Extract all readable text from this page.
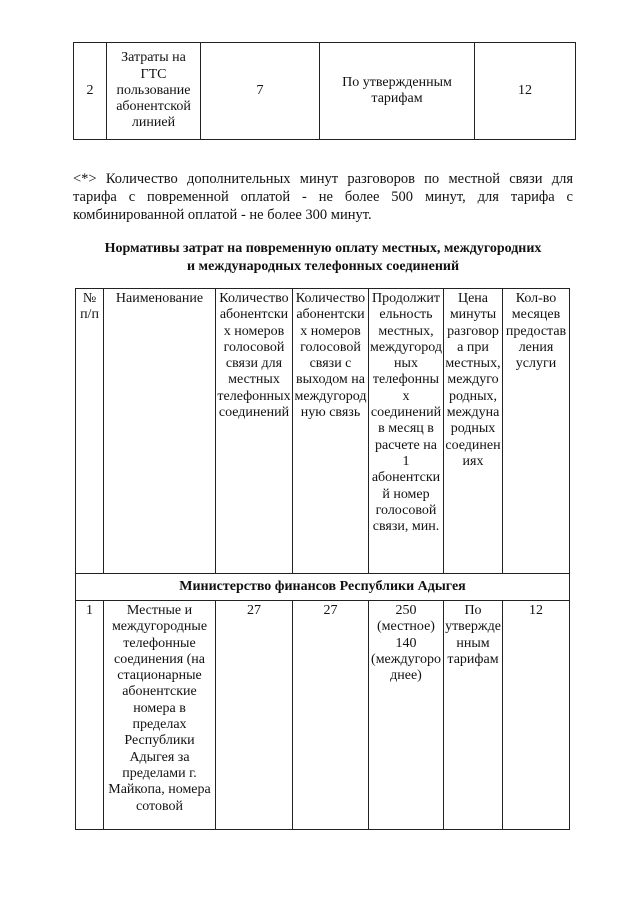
2	Затраты на ГТС пользование абонентской линией	7	По утвержденным тарифам	12
<*> Количество дополнительных минут разговоров по местной связи для тарифа с повременной оплатой - не более 500 минут, для тарифа с комбинированной оплатой - не более 300 минут.
Нормативы затрат на повременную оплату местных, междугородних
и международных телефонных соединений
№ п/п	Наименование	Количество абонентских номеров голосовой связи для местных телефонных соединений	Количество абонентских номеров голосовой связи с выходом на междугородную связь	Продолжительность местных, междугородных телефонных соединений в месяц в расчете на 1 абонентский номер голосовой связи, мин.	Цена минуты разговора при местных, междугородных, международных соединениях	Кол-во месяцев предоставления услуги
Министерство финансов Республики Адыгея						
1	Местные и междугородные телефонные соединения (на стационарные абонентские номера в пределах Республики Адыгея за пределами г. Майкопа, номера сотовой	27	27	250 (местное) 140 (междугороднее)	По утвержденным тарифам	12
